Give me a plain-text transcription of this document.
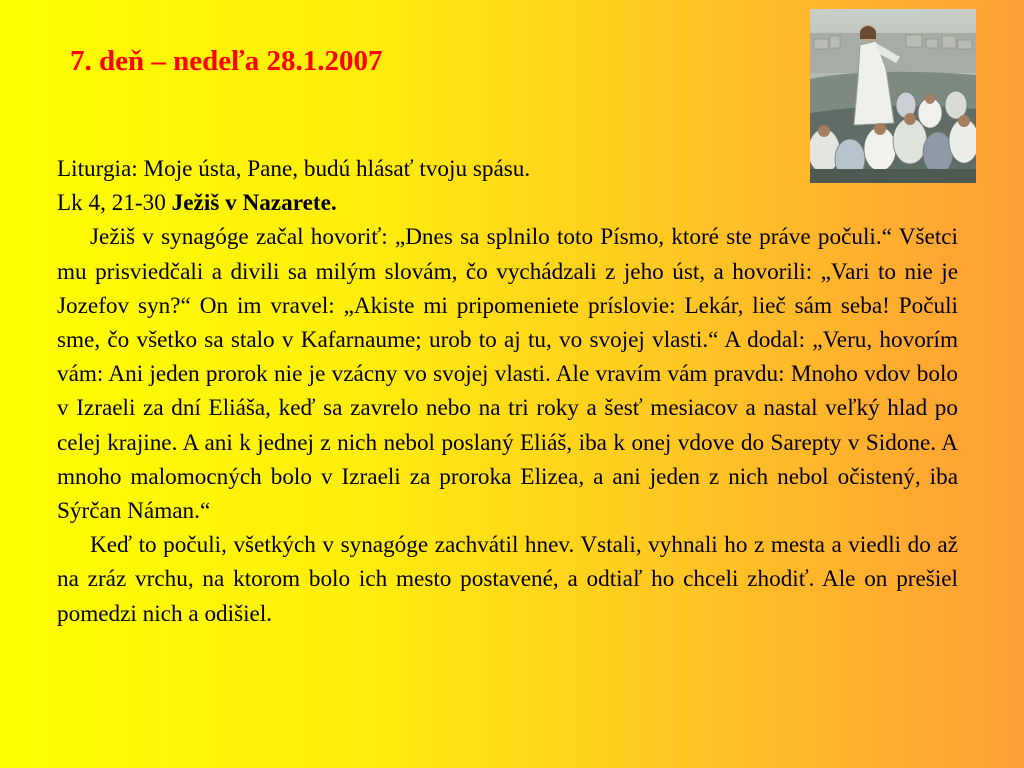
7. deň – nedeľa 28.1.2007

Liturgia: Moje ústa, Pane, budú hlásať tvoju spásu.

Lk 4, 21-30 Ježiš v Nazarete.

Ježiš v synagóge začal hovoriť: „Dnes sa splnilo toto Písmo, ktoré ste práve počuli.“ Všetci mu prisviedčali a divili sa milým slovám, čo vychádzali z jeho úst, a hovorili: „Vari to nie je Jozefov syn?“ On im vravel: „Akiste mi pripomeniete príslovie: Lekár, lieč sám seba! Počuli sme, čo všetko sa stalo v Kafarnaume; urob to aj tu, vo svojej vlasti.“ A dodal: „Veru, hovorím vám: Ani jeden prorok nie je vzácny vo svojej vlasti. Ale vravím vám pravdu: Mnoho vdov bolo v Izraeli za dní Eliáša, keď sa zavrelo nebo na tri roky a šesť mesiacov a nastal veľký hlad po celej krajine. A ani k jednej z nich nebol poslaný Eliáš, iba k onej vdove do Sarepty v Sidone. A mnoho malomocných bolo v Izraeli za proroka Elizea, a ani jeden z nich nebol očistený, iba Sýrčan Náman.“

Keď to počuli, všetkých v synagóge zachvátil hnev. Vstali, vyhnali ho z mesta a viedli do až na zráz vrchu, na ktorom bolo ich mesto postavené, a odtiaľ ho chceli zhodiť. Ale on prešiel pomedzi nich a odišiel.
